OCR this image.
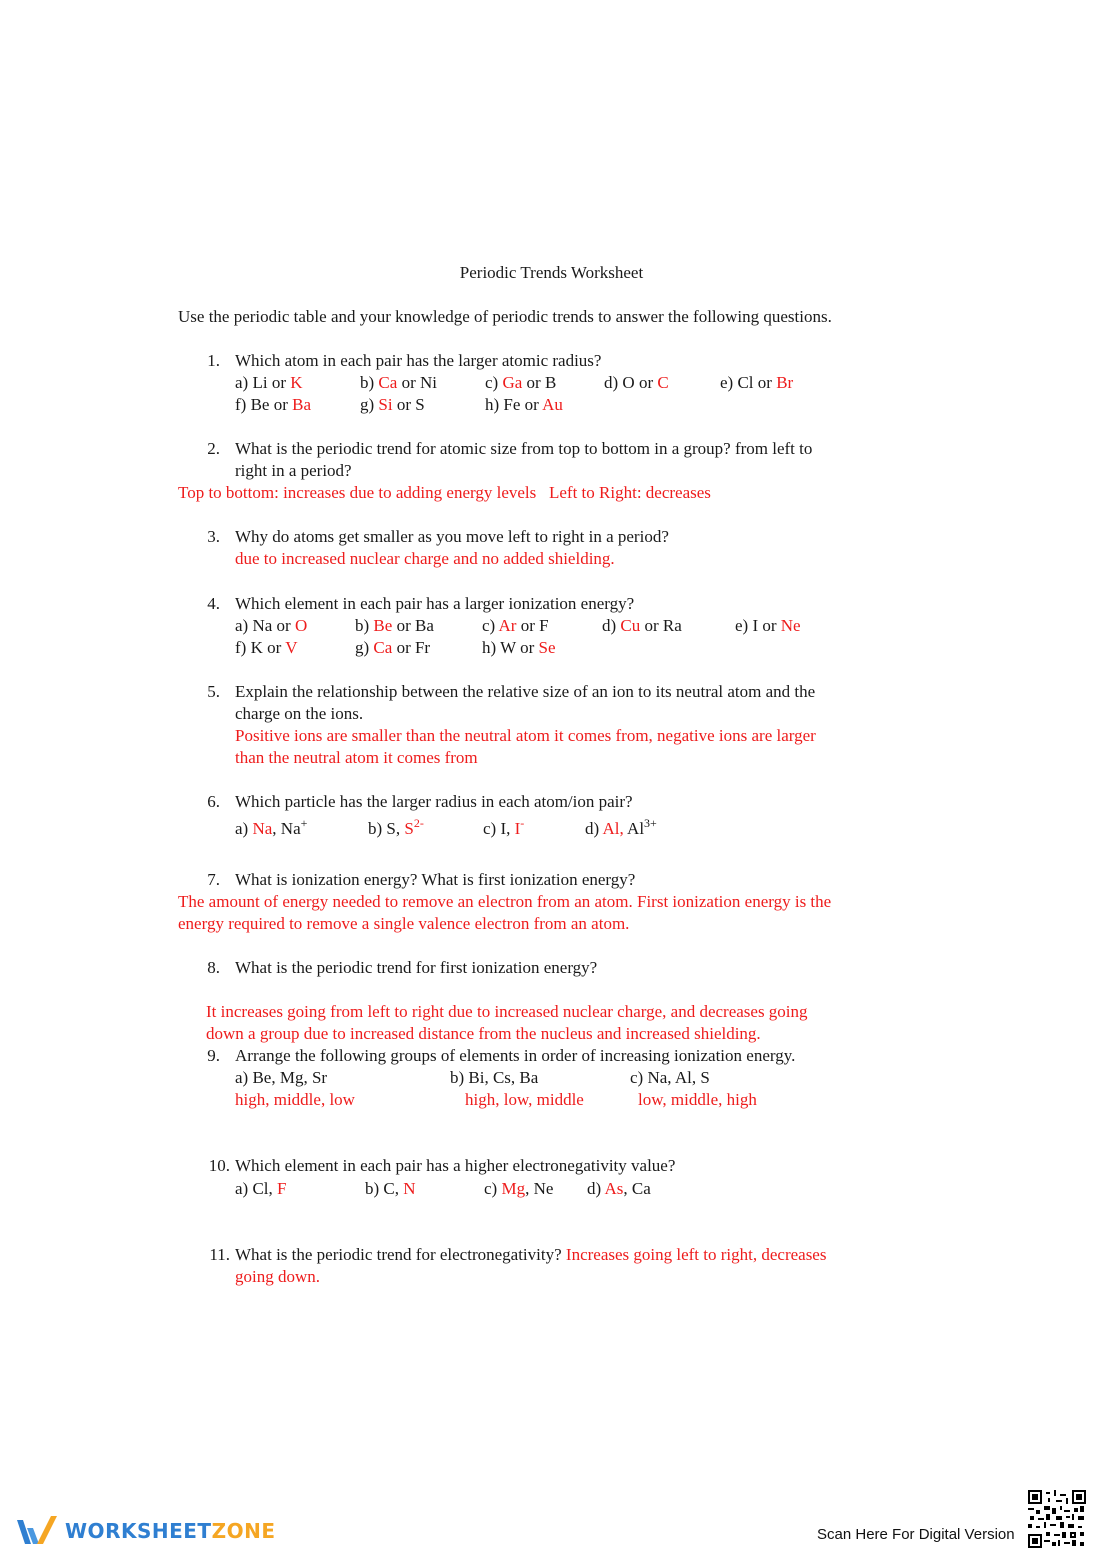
Periodic Trends Worksheet
Use the periodic table and your knowledge of periodic trends to answer the following questions.
1. Which atom in each pair has the larger atomic radius?
a) Li or K	b) Ca or Ni	c) Ga or B	d) O or C	e) Cl or Br
f) Be or Ba	g) Si or S	h) Fe or Au
2. What is the periodic trend for atomic size from top to bottom in a group? from left to
right in a period?
Top to bottom: increases due to adding energy levels   Left to Right: decreases
3. Why do atoms get smaller as you move left to right in a period?
due to increased nuclear charge and no added shielding.
4. Which element in each pair has a larger ionization energy?
a) Na or O	b) Be or Ba	c) Ar or F	d) Cu or Ra	e) I or Ne
f) K or V	g) Ca or Fr	h) W or Se
5. Explain the relationship between the relative size of an ion to its neutral atom and the
charge on the ions.
Positive ions are smaller than the neutral atom it comes from, negative ions are larger
than the neutral atom it comes from
6. Which particle has the larger radius in each atom/ion pair?
a) Na, Na+	b) S, $S^{2-}$	c) I, I-	d) Al, $Al^{3+}$
7. What is ionization energy? What is first ionization energy?
The amount of energy needed to remove an electron from an atom. First ionization energy is the
energy required to remove a single valence electron from an atom.
8. What is the periodic trend for first ionization energy?
It increases going from left to right due to increased nuclear charge, and decreases going
down a group due to increased distance from the nucleus and increased shielding.
9. Arrange the following groups of elements in order of increasing ionization energy.
a) Be, Mg, Sr	b) Bi, Cs, Ba	c) Na, Al, S
high, middle, low	high, low, middle	low, middle, high
10. Which element in each pair has a higher electronegativity value?
a) Cl, F	b) C, N	c) Mg, Ne d) As, Ca
11. What is the periodic trend for electronegativity? Increases going left to right, decreases
going down.
WORKSHEETZONE	Scan Here For Digital Version
